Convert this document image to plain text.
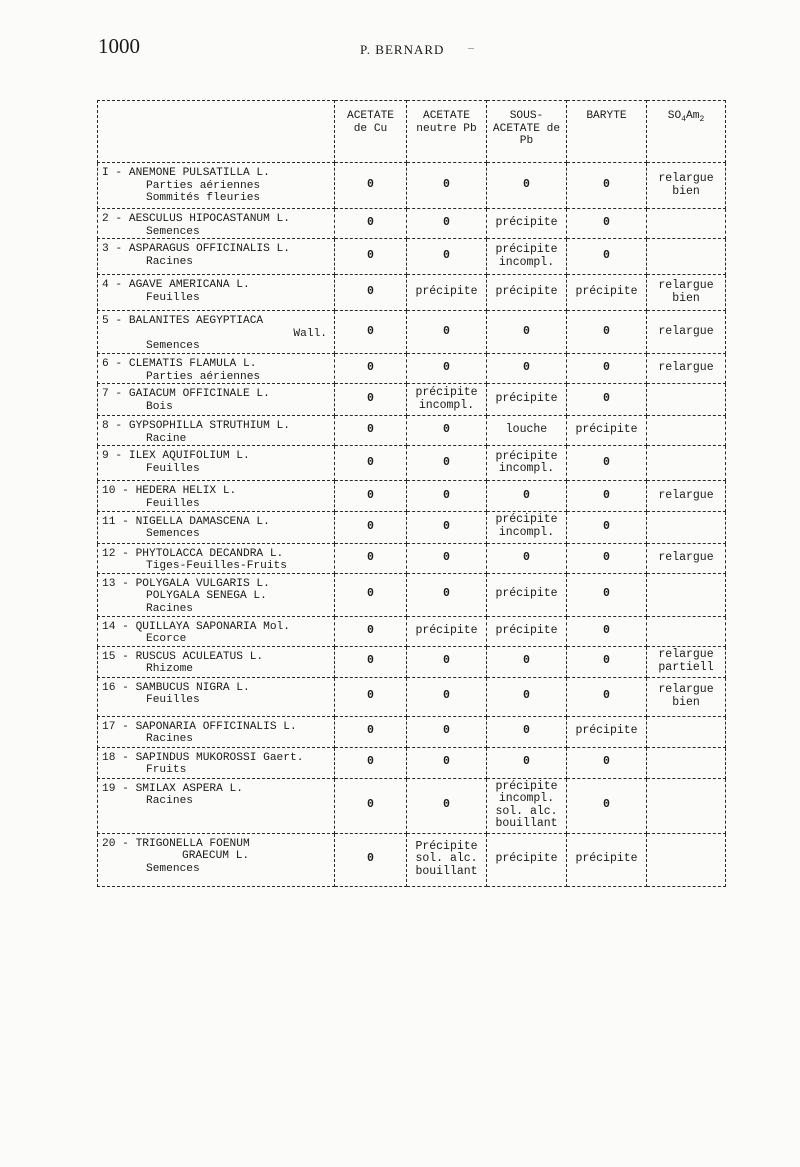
1000	P. BERNARD
	ACETATE de Cu	ACETATE neutre Pb	SOUS- ACETATE de Pb	BARYTE	$SO_4Am_2$

I - ANEMONE PULSATILLA L.
Parties aériennes
Sommités fleuries	0	0	0	0	relargue bien

2 - AESCULUS HIPOCASTANUM L.
Semences	0	0	précipite	0	

3 - ASPARAGUS OFFICINALIS L.
Racines	0	0	précipite incompl.	0	

4 - AGAVE AMERICANA L.
Feuilles	0	précipite	précipite	précipite	relargue bien

5 - BALANITES AEGYPTIACA
Wall.
Semences	0	0	0	0	relargue

6 - CLEMATIS FLAMULA L.
Parties aériennes	0	0	0	0	relargue

7 - GAIACUM OFFICINALE L.
Bois	0	précipite incompl.	précipite	0	

8 - GYPSOPHILLA STRUTHIUM L.
Racine	0	0	louche	précipite	

9 - ILEX AQUIFOLIUM L.
Feuilles	0	0	précipite incompl.	0	

10 - HEDERA HELIX L.
Feuilles	0	0	0	0	relargue

11 - NIGELLA DAMASCENA L.
Semences	0	0	précipite incompl.	0	

12 - PHYTOLACCA DECANDRA L.
Tiges-Feuilles-Fruits	0	0	0	0	relargue

13 - POLYGALA VULGARIS L.
POLYGALA SENEGA L.
Racines	0	0	précipite	0	

14 - QUILLAYA SAPONARIA Mol.
Ecorce	0	précipite	précipite	0	

15 - RUSCUS ACULEATUS L.
Rhizome	0	0	0	0	relargue partiell

16 - SAMBUCUS NIGRA L.
Feuilles	0	0	0	0	relargue bien

17 - SAPONARIA OFFICINALIS L.
Racines	0	0	0	précipite	

18 - SAPINDUS MUKOROSSI Gaert.
Fruits	0	0	0	0	

19 - SMILAX ASPERA L.
Racines	0	0	précipite incompl. sol. alc. bouillant	0	

20 - TRIGONELLA FOENUM
GRAECUM L.
Semences	0	Précipite sol. alc. bouillant	précipite	précipite	
